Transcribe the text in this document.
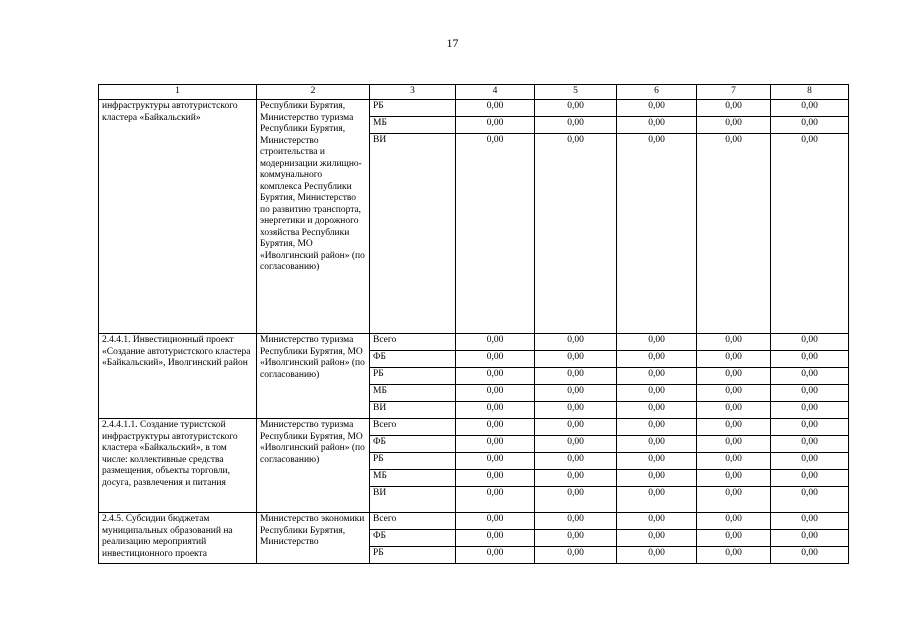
17
1	2	3	4	5	6	7	8
инфраструктуры автотуристского кластера «Байкальский»	Республики Бурятия, Министерство туризма Республики Бурятия, Министерство строительства и модернизации жилищно-коммунального комплекса Республики Бурятия, Министерство по развитию транспорта, энергетики и дорожного хозяйства Республики Бурятия, МО «Иволгинский район» (по согласованию)	РБ	0,00	0,00	0,00	0,00	0,00
		МБ	0,00	0,00	0,00	0,00	0,00
		ВИ	0,00	0,00	0,00	0,00	0,00
2.4.4.1. Инвестиционный проект «Создание автотуристского кластера «Байкальский», Иволгинский район	Министерство туризма Республики Бурятия, МО «Иволгинский район» (по согласованию)	Всего	0,00	0,00	0,00	0,00	0,00
		ФБ	0,00	0,00	0,00	0,00	0,00
		РБ	0,00	0,00	0,00	0,00	0,00
		МБ	0,00	0,00	0,00	0,00	0,00
		ВИ	0,00	0,00	0,00	0,00	0,00
2.4.4.1.1. Создание туристской инфраструктуры автотуристского кластера «Байкальский», в том числе: коллективные средства размещения, объекты торговли, досуга, развлечения и питания	Министерство туризма Республики Бурятия, МО «Иволгинский район» (по согласованию)	Всего	0,00	0,00	0,00	0,00	0,00
		ФБ	0,00	0,00	0,00	0,00	0,00
		РБ	0,00	0,00	0,00	0,00	0,00
		МБ	0,00	0,00	0,00	0,00	0,00
		ВИ	0,00	0,00	0,00	0,00	0,00
2.4.5. Субсидии бюджетам муниципальных образований на реализацию мероприятий инвестиционного проекта	Министерство экономики Республики Бурятия, Министерство	Всего	0,00	0,00	0,00	0,00	0,00
		ФБ	0,00	0,00	0,00	0,00	0,00
		РБ	0,00	0,00	0,00	0,00	0,00
